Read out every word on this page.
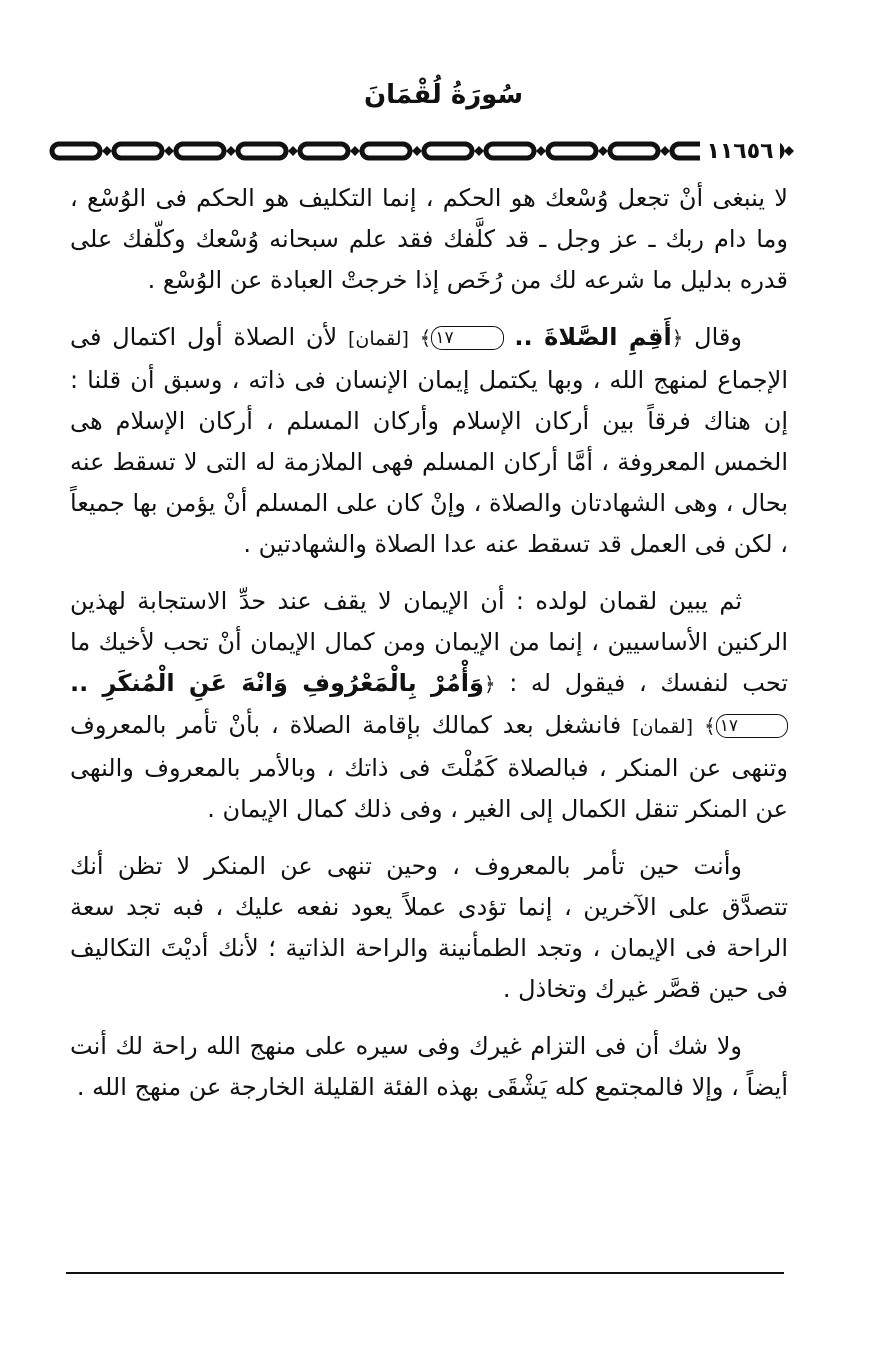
سُورَةُ لُقْمَانَ
١١٦٥٦

لا ينبغى أنْ تجعل وُسْعك هو الحكم ، إنما التكليف هو الحكم فى الوُسْع ، وما دام ربك ـ عز وجل ـ قد كلَّفك فقد علم سبحانه وُسْعك وكلّفك على قدره بدليل ما شرعه لك من رُخَص إذا خرجتْ العبادة عن الوُسْع .

وقال ﴿أَقِمِ الصَّلاةَ .. ١٧﴾ [لقمان] لأن الصلاة أول اكتمال فى الإجماع لمنهج الله ، وبها يكتمل إيمان الإنسان فى ذاته ، وسبق أن قلنا : إن هناك فرقاً بين أركان الإسلام وأركان المسلم ، أركان الإسلام هى الخمس المعروفة ، أمَّا أركان المسلم فهى الملازمة له التى لا تسقط عنه بحال ، وهى الشهادتان والصلاة ، وإنْ كان على المسلم أنْ يؤمن بها جميعاً ، لكن فى العمل قد تسقط عنه عدا الصلاة والشهادتين .

ثم يبين لقمان لولده : أن الإيمان لا يقف عند حدِّ الاستجابة لهذين الركنين الأساسيين ، إنما من الإيمان ومن كمال الإيمان أنْ تحب لأخيك ما تحب لنفسك ، فيقول له : ﴿وَأْمُرْ بِالْمَعْرُوفِ وَانْهَ عَنِ الْمُنكَرِ .. ١٧﴾ [لقمان] فانشغل بعد كمالك بإقامة الصلاة ، بأنْ تأمر بالمعروف وتنهى عن المنكر ، فبالصلاة كَمُلْتَ فى ذاتك ، وبالأمر بالمعروف والنهى عن المنكر تنقل الكمال إلى الغير ، وفى ذلك كمال الإيمان .

وأنت حين تأمر بالمعروف ، وحين تنهى عن المنكر لا تظن أنك تتصدَّق على الآخرين ، إنما تؤدى عملاً يعود نفعه عليك ، فبه تجد سعة الراحة فى الإيمان ، وتجد الطمأنينة والراحة الذاتية ؛ لأنك أديْتَ التكاليف فى حين قصَّر غيرك وتخاذل .

ولا شك أن فى التزام غيرك وفى سيره على منهج الله راحة لك أنت أيضاً ، وإلا فالمجتمع كله يَشْقَى بهذه الفئة القليلة الخارجة عن منهج الله .
